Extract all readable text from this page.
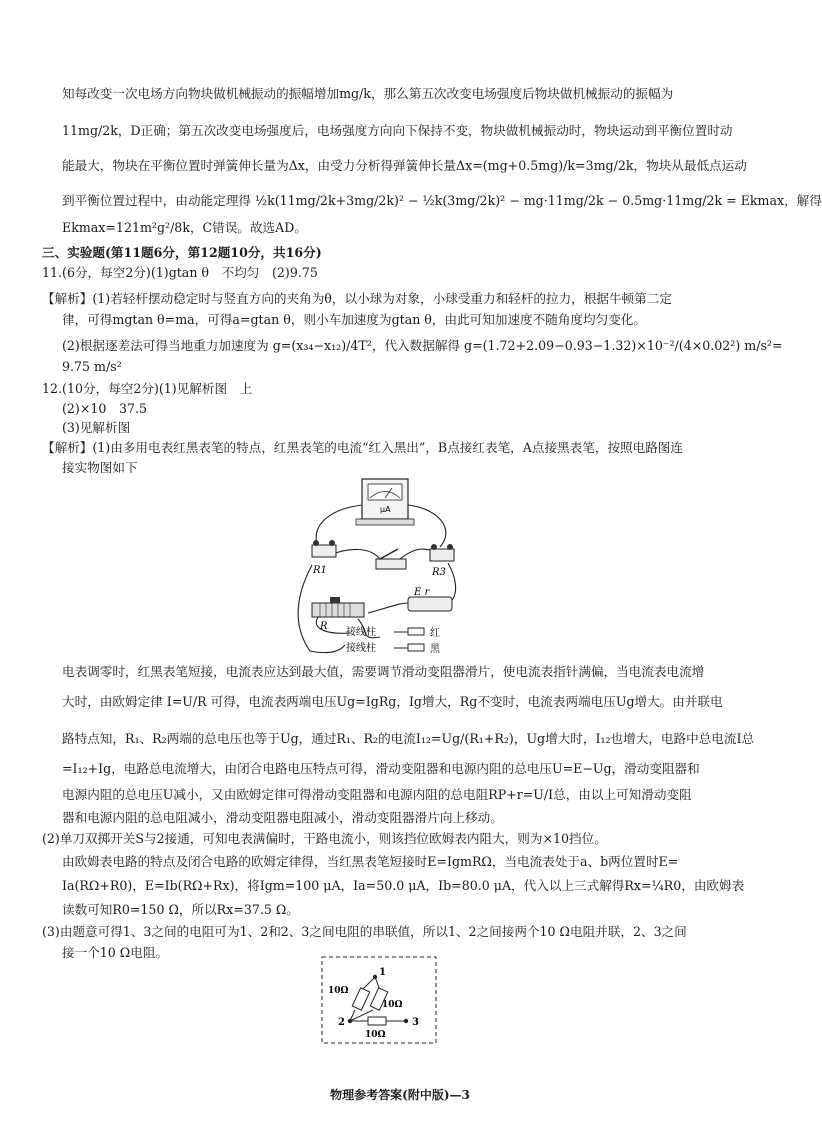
知每改变一次电场方向物块做机械振动的振幅增加mg/k，那么第五次改变电场强度后物块做机械振动的振幅为
11mg/2k，D正确；第五次改变电场强度后，电场强度方向向下保持不变，物块做机械振动时，物块运动到平衡位置时动
能最大，物块在平衡位置时弹簧伸长量为Δx，由受力分析得弹簧伸长量Δx=(mg+0.5mg)/k=3mg/2k，物块从最低点运动
到平衡位置过程中，由动能定理得 ½k(11mg/2k+3mg/2k)² − ½k(3mg/2k)² − mg·11mg/2k − 0.5mg·11mg/2k = Ekmax，解得
Ekmax=121m²g²/8k，C错误。故选AD。
三、实验题(第11题6分，第12题10分，共16分)
11.(6分，每空2分)(1)gtan θ　不均匀　(2)9.75
【解析】(1)若轻杆摆动稳定时与竖直方向的夹角为θ，以小球为对象，小球受重力和轻杆的拉力，根据牛顿第二定
律，可得mgtan θ=ma，可得a=gtan θ，则小车加速度为gtan θ，由此可知加速度不随角度均匀变化。
(2)根据逐差法可得当地重力加速度为 g=(x₃₄−x₁₂)/4T²，代入数据解得 g=(1.72+2.09−0.93−1.32)×10⁻²/(4×0.02²) m/s²=
9.75 m/s²
12.(10分，每空2分)(1)见解析图　上
(2)×10　37.5
(3)见解析图
【解析】(1)由多用电表红黑表笔的特点，红黑表笔的电流“红入黑出”，B点接红表笔，A点接黑表笔，按照电路图连
接实物图如下
μA
R1	R3
R
E r
接线柱
接线柱
红
黑
电表调零时，红黑表笔短接，电流表应达到最大值，需要调节滑动变阻器滑片，使电流表指针满偏，当电流表电流增
大时，由欧姆定律 I=U/R 可得，电流表两端电压Ug=IgRg，Ig增大，Rg不变时，电流表两端电压Ug增大。由并联电
路特点知，R₁、R₂两端的总电压也等于Ug，通过R₁、R₂的电流I₁₂=Ug/(R₁+R₂)，Ug增大时，I₁₂也增大，电路中总电流I总
=I₁₂+Ig，电路总电流增大，由闭合电路电压特点可得，滑动变阻器和电源内阻的总电压U=E−Ug，滑动变阻器和
电源内阻的总电压U减小，又由欧姆定律可得滑动变阻器和电源内阻的总电阻RP+r=U/I总，由以上可知滑动变阻
器和电源内阻的总电阻减小，滑动变阻器电阻减小，滑动变阻器滑片向上移动。
(2)单刀双掷开关S与2接通，可知电表满偏时，干路电流小，则该挡位欧姆表内阻大，则为×10挡位。
由欧姆表电路的特点及闭合电路的欧姆定律得，当红黑表笔短接时E=IgmRΩ，当电流表处于a、b两位置时E=
Ia(RΩ+R0)，E=Ib(RΩ+Rx)，将Igm=100 μA，Ia=50.0 μA，Ib=80.0 μA，代入以上三式解得Rx=¼R0，由欧姆表
读数可知R0=150 Ω，所以Rx=37.5 Ω。
(3)由题意可得1、3之间的电阻可为1、2和2、3之间电阻的串联值，所以1、2之间接两个10 Ω电阻并联，2、3之间
接一个10 Ω电阻。
1
2	3
10Ω
10Ω
10Ω
物理参考答案(附中版)—3
